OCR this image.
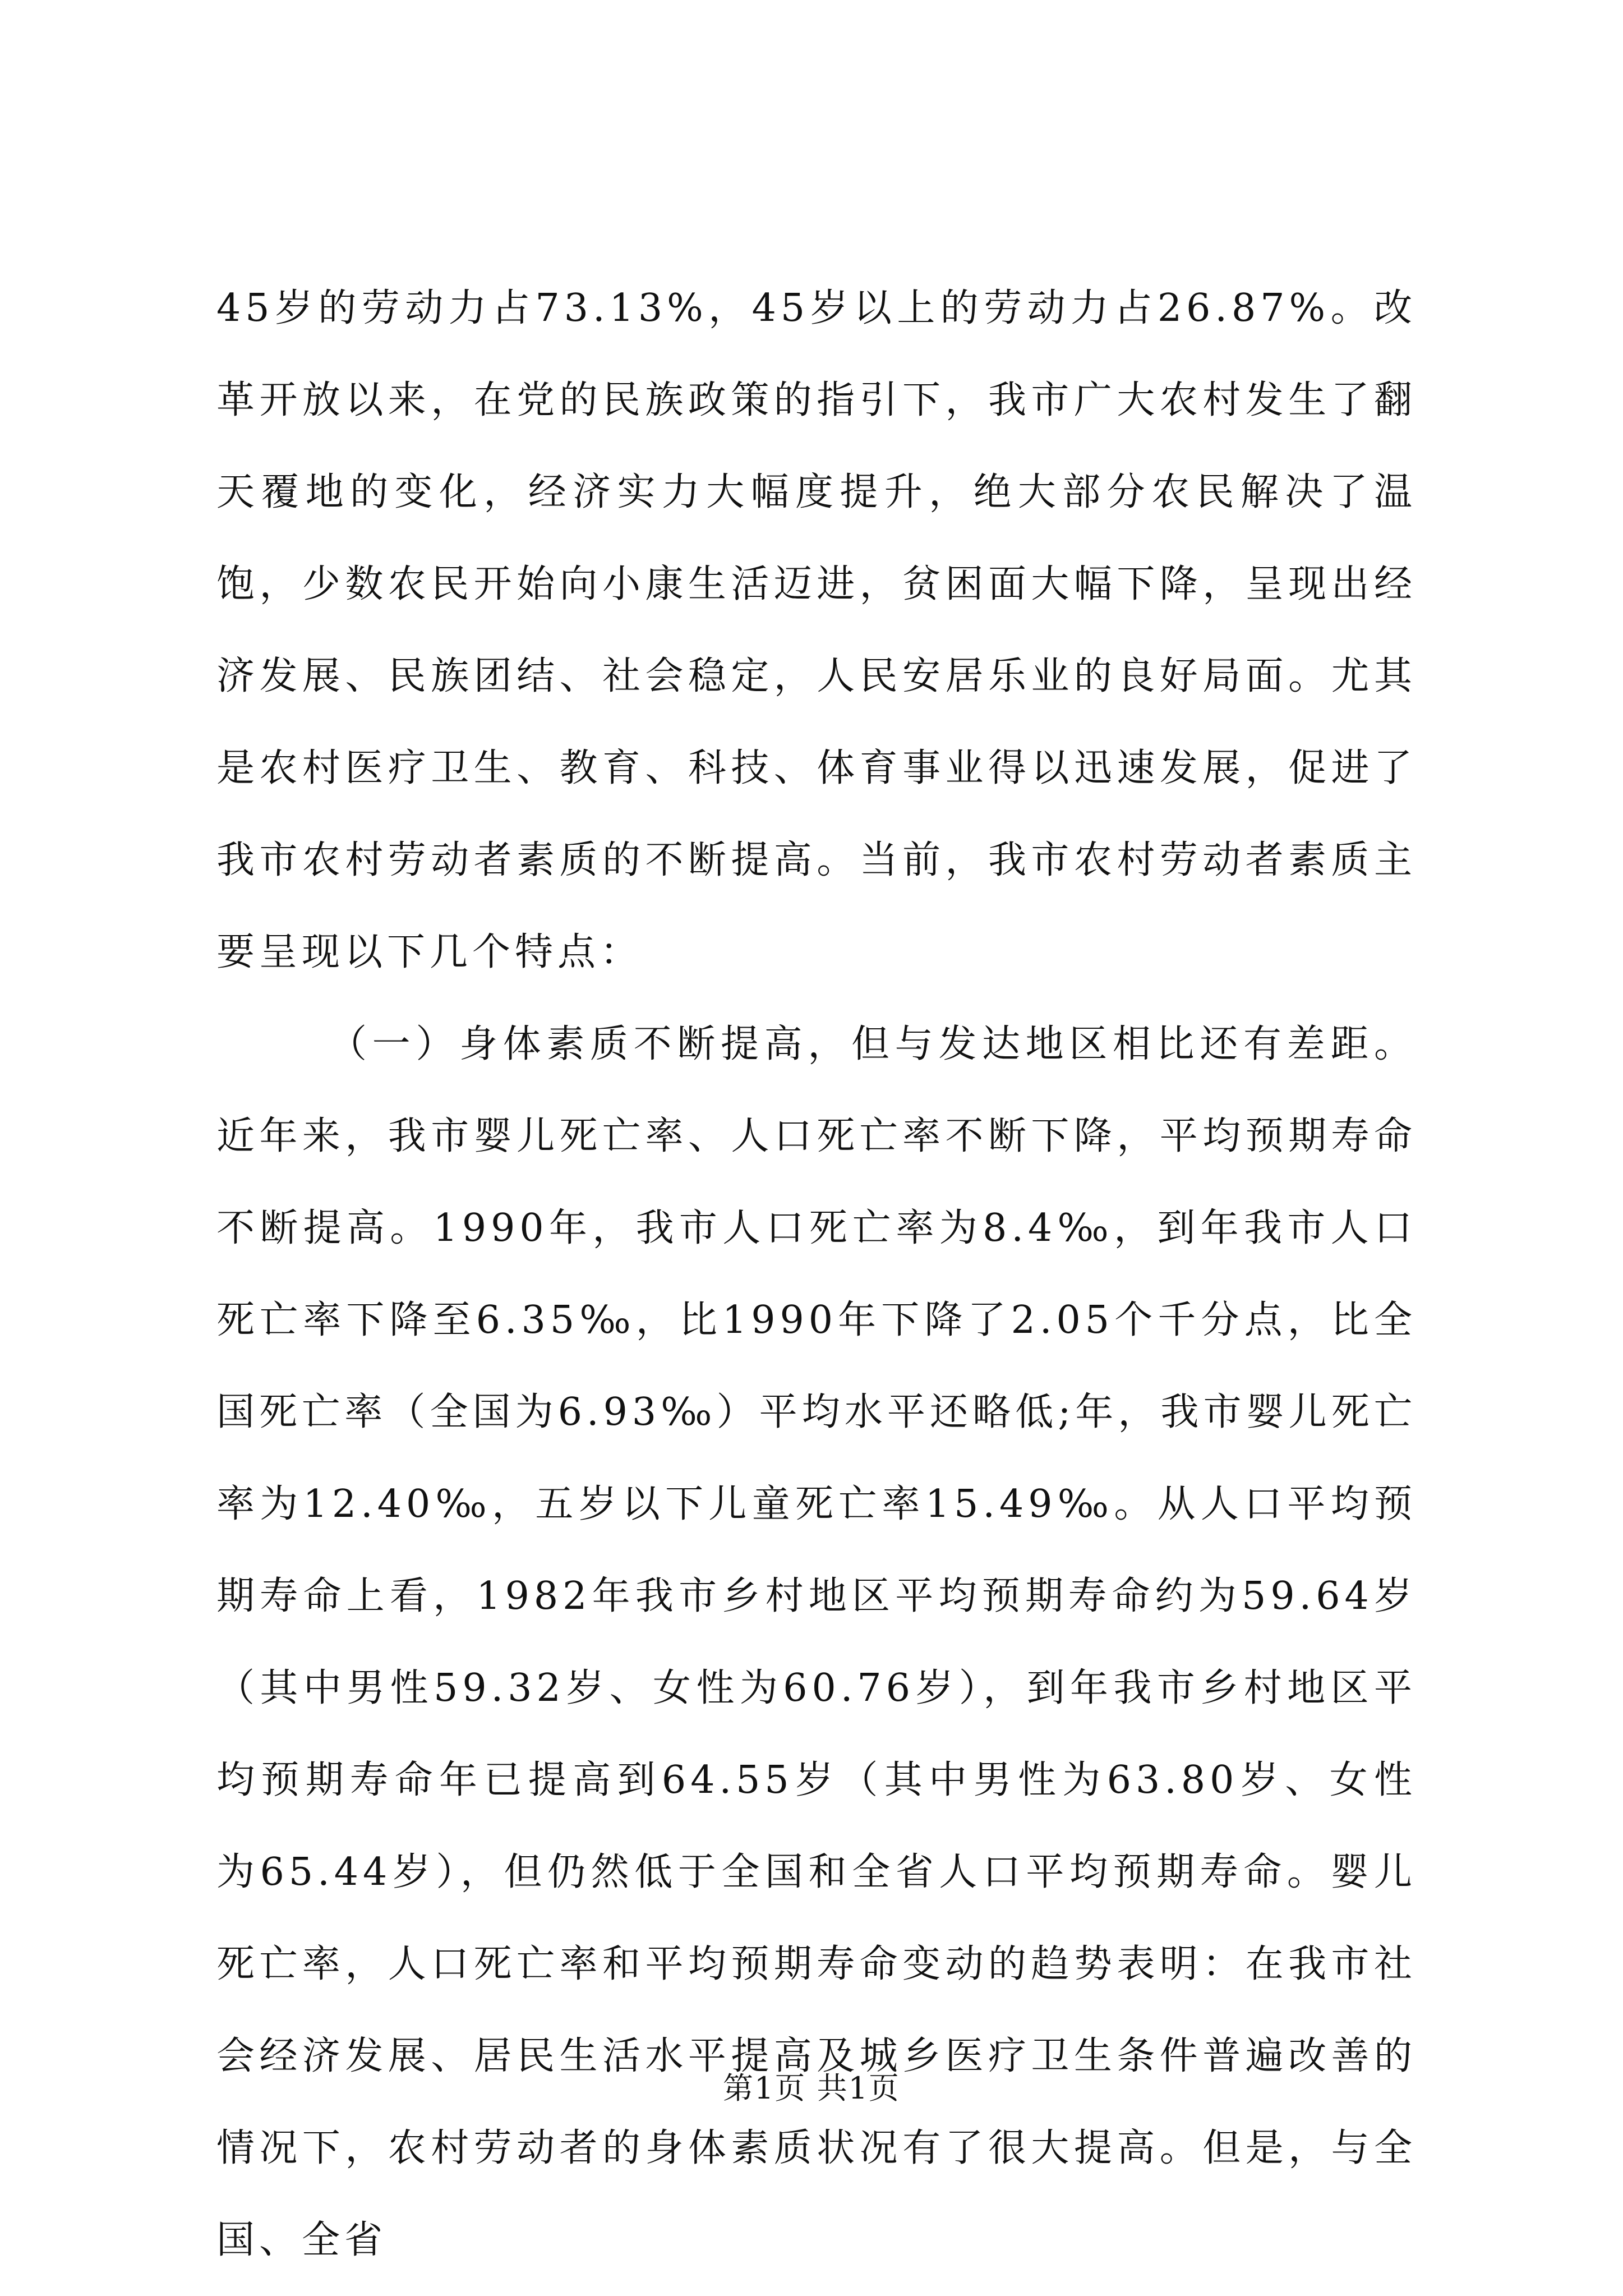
45岁的劳动力占73.13%，45岁以上的劳动力占26.87%。改革开放以来，在党的民族政策的指引下，我市广大农村发生了翻天覆地的变化，经济实力大幅度提升，绝大部分农民解决了温饱，少数农民开始向小康生活迈进，贫困面大幅下降，呈现出经济发展、民族团结、社会稳定，人民安居乐业的良好局面。尤其是农村医疗卫生、教育、科技、体育事业得以迅速发展，促进了我市农村劳动者素质的不断提高。当前，我市农村劳动者素质主要呈现以下几个特点：

（一）身体素质不断提高，但与发达地区相比还有差距。近年来，我市婴儿死亡率、人口死亡率不断下降，平均预期寿命不断提高。1990年，我市人口死亡率为8.4‰，到年我市人口死亡率下降至6.35‰，比1990年下降了2.05个千分点，比全国死亡率（全国为6.93‰）平均水平还略低;年，我市婴儿死亡率为12.40‰，五岁以下儿童死亡率15.49‰。从人口平均预期寿命上看，1982年我市乡村地区平均预期寿命约为59.64岁（其中男性59.32岁、女性为60.76岁），到年我市乡村地区平均预期寿命年已提高到64.55岁（其中男性为63.80岁、女性为65.44岁），但仍然低于全国和全省人口平均预期寿命。婴儿死亡率，人口死亡率和平均预期寿命变动的趋势表明：在我市社会经济发展、居民生活水平提高及城乡医疗卫生条件普遍改善的情况下，农村劳动者的身体素质状况有了很大提高。但是，与全国、全省

第1页 共1页
